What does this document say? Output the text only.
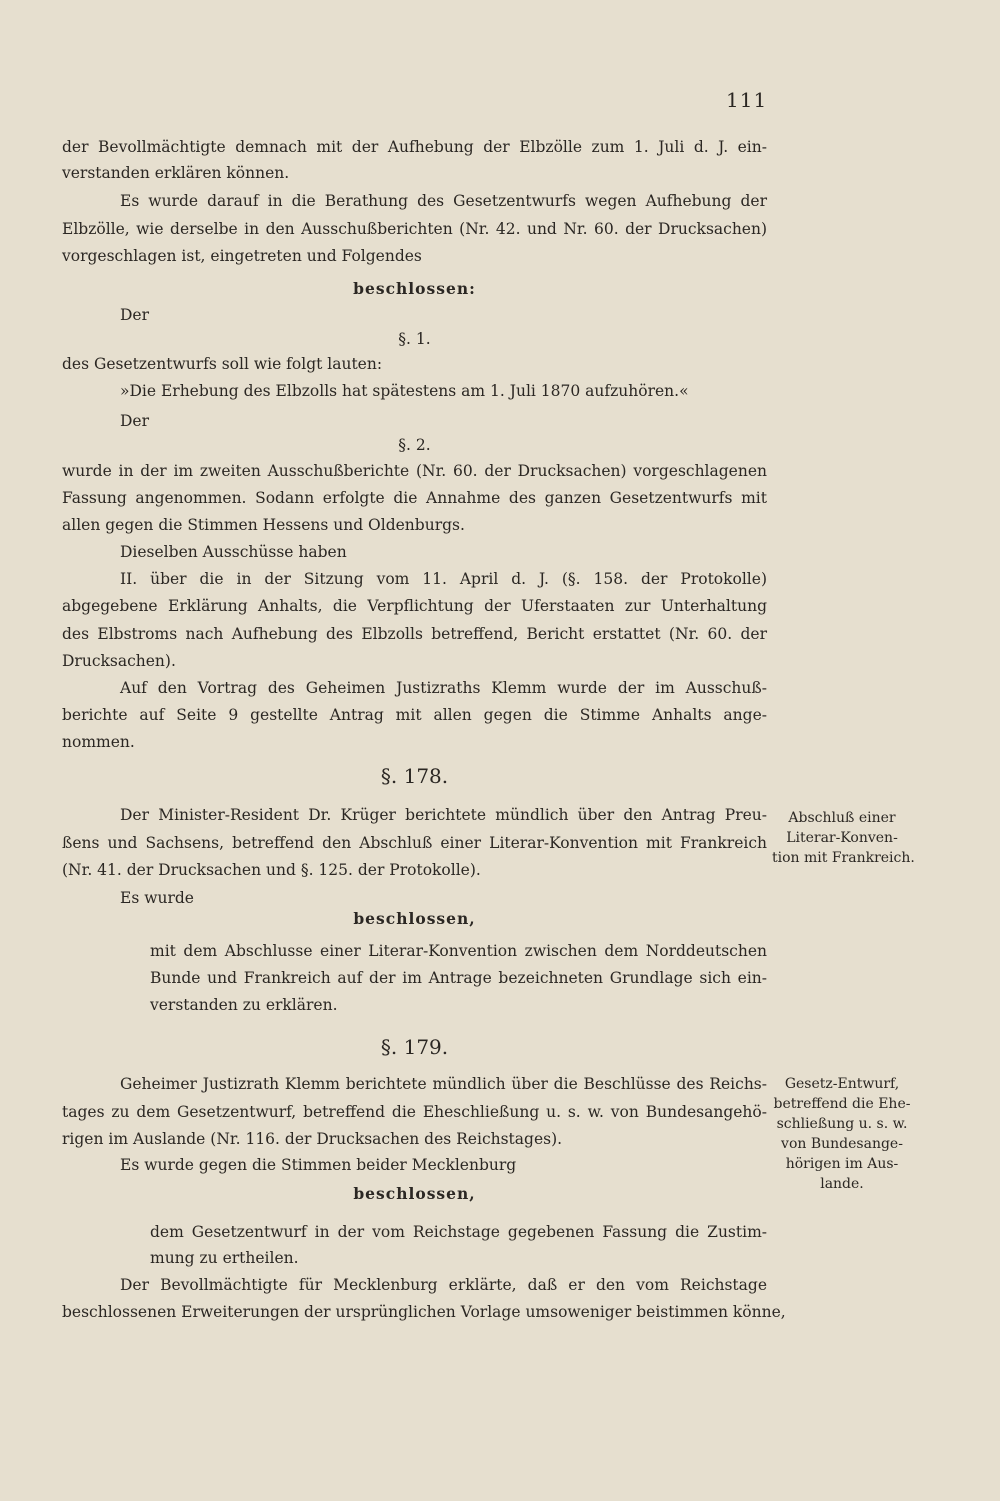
111
der Bevollmächtigte demnach mit der Aufhebung der Elbzölle zum 1. Juli d. J. ein-
verstanden erklären können.
Es wurde darauf in die Berathung des Gesetzentwurfs wegen Aufhebung der
Elbzölle, wie derselbe in den Ausschußberichten (Nr. 42. und Nr. 60. der Drucksachen)
vorgeschlagen ist, eingetreten und Folgendes
beschlossen:
Der
§. 1.
des Gesetzentwurfs soll wie folgt lauten:
»Die Erhebung des Elbzolls hat spätestens am 1. Juli 1870 aufzuhören.«
Der
§. 2.
wurde in der im zweiten Ausschußberichte (Nr. 60. der Drucksachen) vorgeschlagenen
Fassung angenommen. Sodann erfolgte die Annahme des ganzen Gesetzentwurfs mit
allen gegen die Stimmen Hessens und Oldenburgs.
Dieselben Ausschüsse haben
II. über die in der Sitzung vom 11. April d. J. (§. 158. der Protokolle)
abgegebene Erklärung Anhalts, die Verpflichtung der Uferstaaten zur Unterhaltung
des Elbstroms nach Aufhebung des Elbzolls betreffend, Bericht erstattet (Nr. 60. der
Drucksachen).
Auf den Vortrag des Geheimen Justizraths Klemm wurde der im Ausschuß-
berichte auf Seite 9 gestellte Antrag mit allen gegen die Stimme Anhalts ange-
nommen.
§. 178.
Der Minister-Resident Dr. Krüger berichtete mündlich über den Antrag Preu-
ßens und Sachsens, betreffend den Abschluß einer Literar-Konvention mit Frankreich
(Nr. 41. der Drucksachen und §. 125. der Protokolle).
Es wurde
beschlossen,
mit dem Abschlusse einer Literar-Konvention zwischen dem Norddeutschen
Bunde und Frankreich auf der im Antrage bezeichneten Grundlage sich ein-
verstanden zu erklären.
§. 179.
Geheimer Justizrath Klemm berichtete mündlich über die Beschlüsse des Reichs-
tages zu dem Gesetzentwurf, betreffend die Eheschließung u. s. w. von Bundesangehö-
rigen im Auslande (Nr. 116. der Drucksachen des Reichstages).
Es wurde gegen die Stimmen beider Mecklenburg
beschlossen,
dem Gesetzentwurf in der vom Reichstage gegebenen Fassung die Zustim-
mung zu ertheilen.
Der Bevollmächtigte für Mecklenburg erklärte, daß er den vom Reichstage
beschlossenen Erweiterungen der ursprünglichen Vorlage umsoweniger beistimmen könne,
Abschluß einer
Literar-Konven-
tion mit Frankreich.
Gesetz-Entwurf,
betreffend die Ehe-
schließung u. s. w.
von Bundesange-
hörigen im Aus-
lande.
